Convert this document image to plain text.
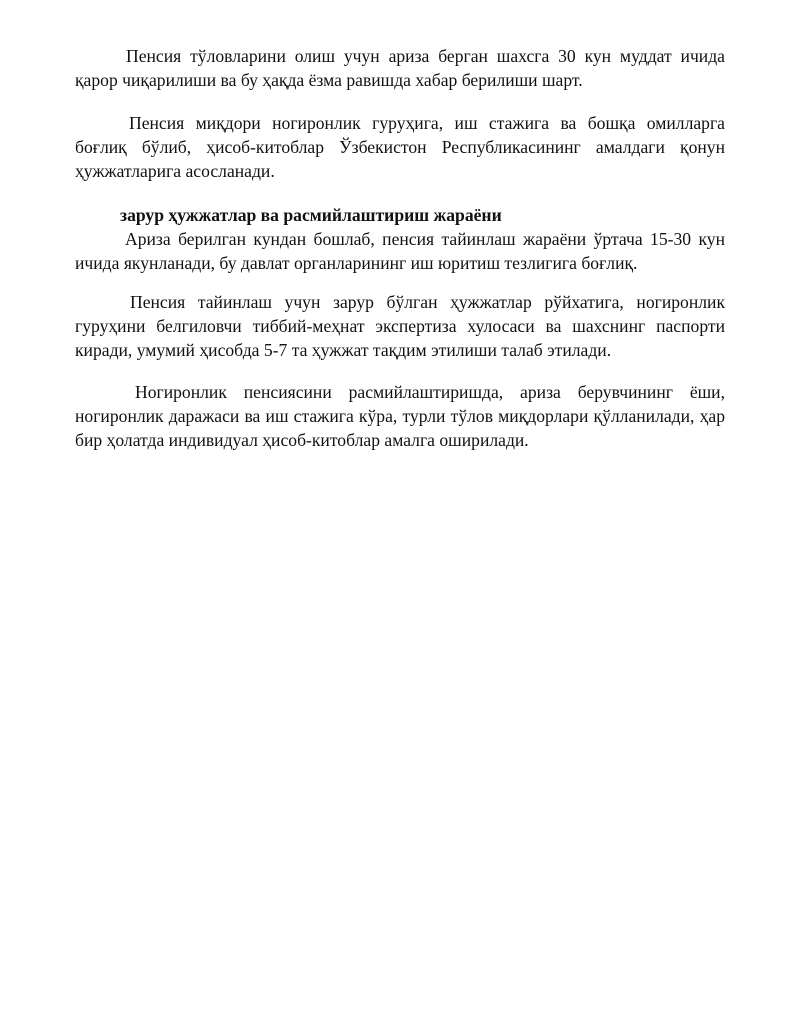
Пенсия тўловларини олиш учун ариза берган шахсга 30 кун муддат ичида қарор чиқарилиши ва бу ҳақда ёзма равишда хабар берилиши шарт.

Пенсия миқдори ногиронлик гуруҳига, иш стажига ва бошқа омилларга боғлиқ бўлиб, ҳисоб-китоблар Ўзбекистон Республикасининг амалдаги қонун ҳужжатларига асосланади.

зарур ҳужжатлар ва расмийлаштириш жараёни

Ариза берилган кундан бошлаб, пенсия тайинлаш жараёни ўртача 15-30 кун ичида якунланади, бу давлат органларининг иш юритиш тезлигига боғлиқ.

Пенсия тайинлаш учун зарур бўлган ҳужжатлар рўйхатига, ногиронлик гуруҳини белгиловчи тиббий-меҳнат экспертиза хулосаси ва шахснинг паспорти киради, умумий ҳисобда 5-7 та ҳужжат тақдим этилиши талаб этилади.

Ногиронлик пенсиясини расмийлаштиришда, ариза берувчининг ёши, ногиронлик даражаси ва иш стажига кўра, турли тўлов миқдорлари қўлланилади, ҳар бир ҳолатда индивидуал ҳисоб-китоблар амалга оширилади.
